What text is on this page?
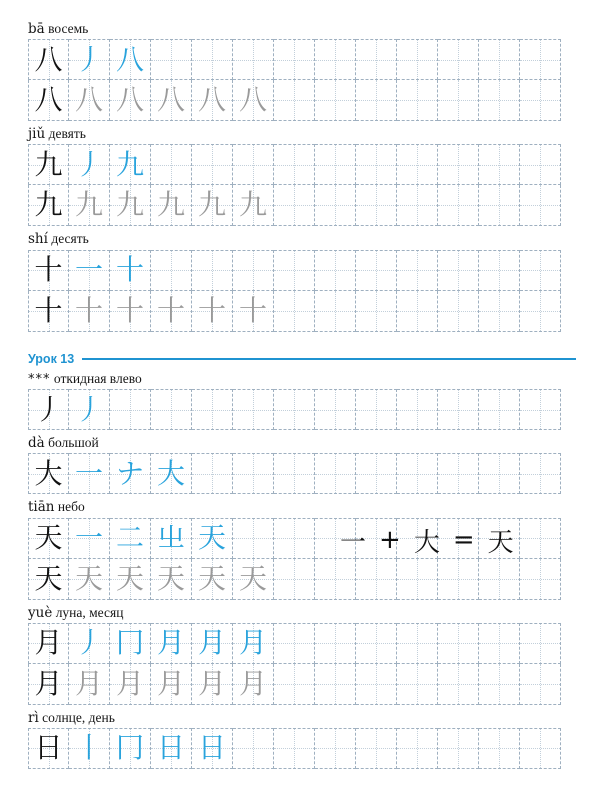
bā восемь
八 丿 八
八 八 八 八 八 八
jiǔ девять
九 丿 九
九 九 九 九 九 九
shí десять
十 一 十
十 十 十 十 十 十
Урок 13
*** откидная влево
丿 丿
dà большой
大 一 ナ 大
tiān небо
天 一 二 㞢 天
天 天 天 天 天 天
一 + 大 = 天
yuè луна, месяц
月 丿 冂 月 月 月
月 月 月 月 月 月
rì солнце, день
日 丨 冂 日 日
